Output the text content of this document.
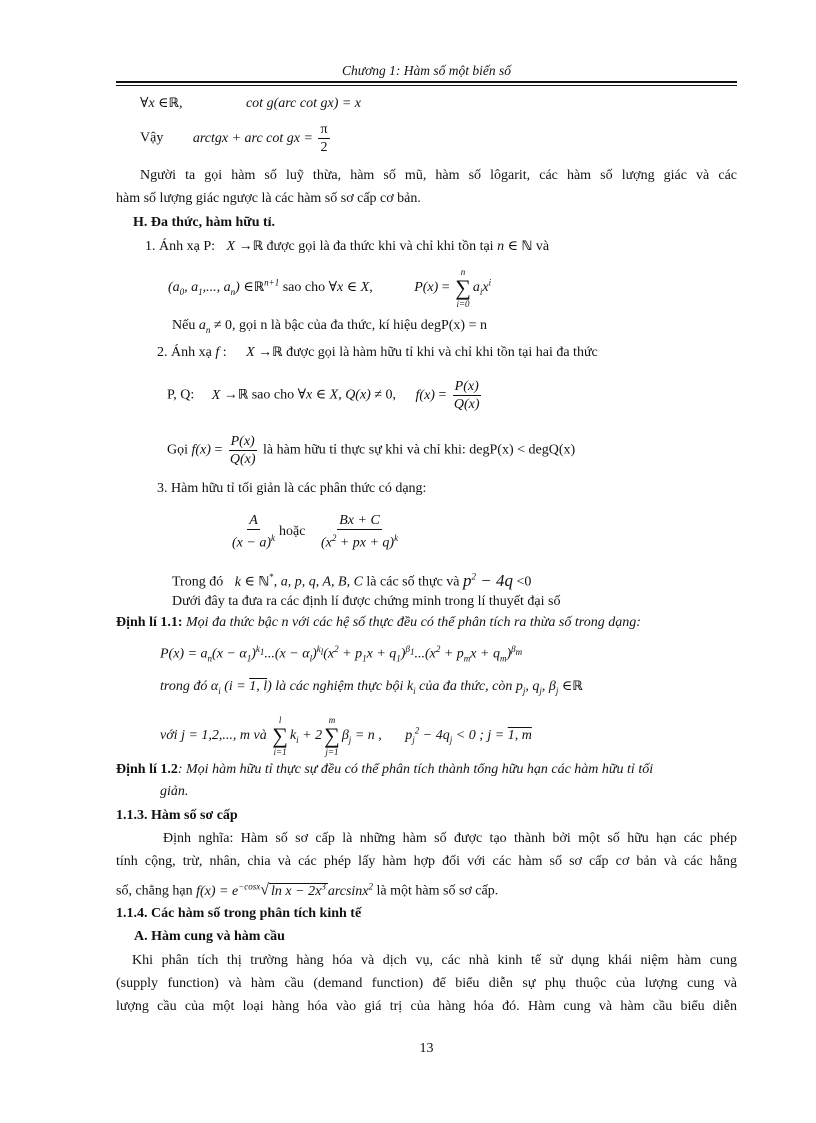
Chương 1: Hàm số một biến số
∀x ∈ℝ,	cot g(arc cot gx) = x
Vậy arctgx + arc cot gx = $\frac{\pi}{2}$
Người ta gọi hàm số luỹ thừa, hàm số mũ, hàm số lôgarit, các hàm số lượng giác và các
hàm số lượng giác ngược là các hàm số sơ cấp cơ bản.
H. Đa thức, hàm hữu tỉ.
1. Ánh xạ P: X →ℝ được gọi là đa thức khi và chỉ khi tồn tại n ∈ ℕ và
($a_0$, $a_1$,..., $a_n$) ∈ℝ$^{n+1}$ sao cho ∀x ∈ X,	P(x) =
n
∑
i=0
$a_ix^i$
Nếu $a_n \ne 0$, gọi n là bậc của đa thức, kí hiệu degP(x) = n
2. Ánh xạ f : X →ℝ được gọi là hàm hữu tỉ khi và chỉ khi tồn tại hai đa thức
P, Q: X →ℝ sao cho ∀x ∈ X, Q(x) ≠ 0, $f(x) = \frac{P(x)}{Q(x)}$
Gọi $f(x) = \frac{P(x)}{Q(x)}$ là hàm hữu tỉ thực sự khi và chỉ khi: degP(x) < degQ(x)
3. Hàm hữu tỉ tối giản là các phân thức có dạng:
$\frac{A}{(x - a)^k}$ hoặc $\frac{Bx + C}{(x^2 + px + q)^k}$
Trong đó k ∈ ℕ*, a, p, q, A, B, C là các số thực và $p^2 - 4q <0$
Dưới đây ta đưa ra các định lí được chứng minh trong lí thuyết đại số
Định lí 1.1: Mọi đa thức bậc n với các hệ số thực đều có thể phân tích ra thừa số trong dạng:
$P(x) = a_n(x - \alpha_1)^{k_1}...(x - \alpha_l)^{k_l}(x^2 + p_1x + q_1)^{\beta_1}...(x^2 + p_mx + q_m)^{\beta_m}$
trong đó $\alpha_i$ (i = 1, l) là các nghiệm thực bội $k_i$ của đa thức, còn $p_j$, $q_j$, $\beta_j$ ∈ℝ
với j = 1,2,..., m và
l
∑
i=1
$k_i + 2$
m
∑
j=1
$\beta_j = n$ , $p_j^2 - 4q_j < 0$ ; j = 1, m
Định lí 1.2: Mọi hàm hữu tỉ thực sự đều có thể phân tích thành tổng hữu hạn các hàm hữu tỉ tối
giản.
1.1.3. Hàm số sơ cấp
Định nghĩa: Hàm số sơ cấp là những hàm số được tạo thành bởi một số hữu hạn các phép
tính cộng, trừ, nhân, chia và các phép lấy hàm hợp đối với các hàm số sơ cấp cơ bản và các hằng
số, chẳng hạn $f(x) = e^{-cosx}√$ $\ln x - 2x^3$ arcsinx$^2$ là một hàm số sơ cấp.
1.1.4. Các hàm số trong phân tích kinh tế
A. Hàm cung và hàm cầu
Khi phân tích thị trường hàng hóa và dịch vụ, các nhà kinh tế sử dụng khái niệm hàm cung
(supply function) và hàm cầu (demand function) để biểu diễn sự phụ thuộc của lượng cung và
lượng cầu của một loại hàng hóa vào giá trị của hàng hóa đó. Hàm cung và hàm cầu biểu diễn
13
